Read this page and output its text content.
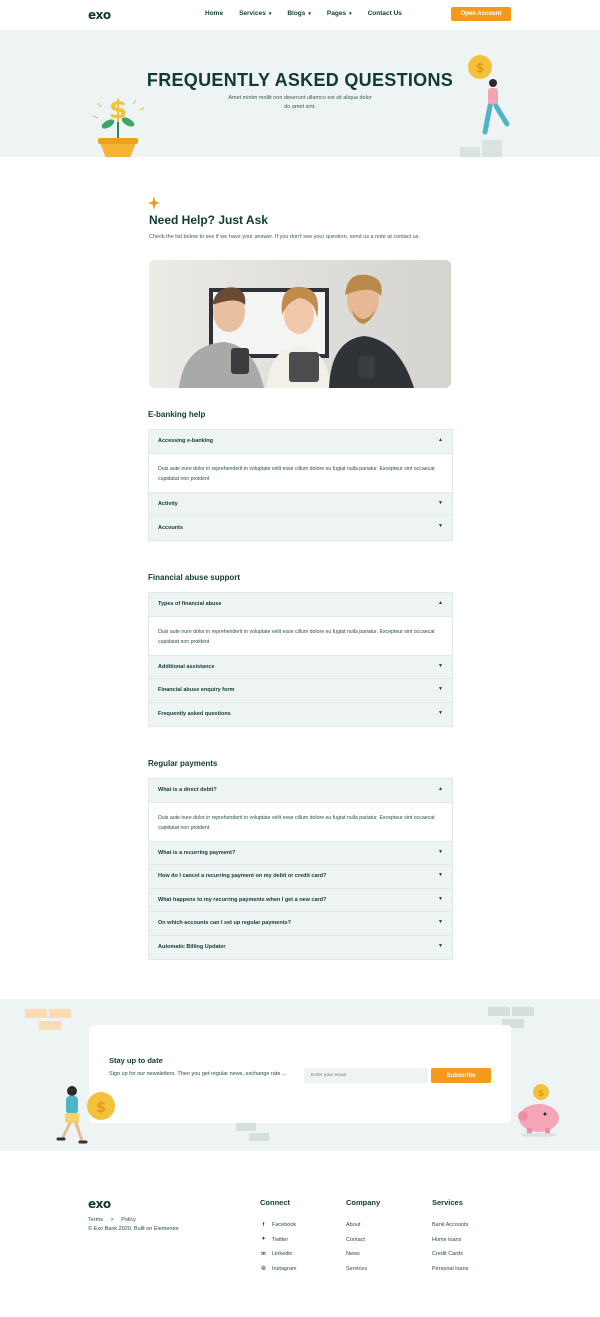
exo	Home Services ▾ Blogs ▾ Pages ▾ Contact Us	Open Account
$
FREQUENTLY ASKED QUESTIONS
Amet minim mollit non deserunt ullamco est sit aliqua dolor do amet sint.
$
Need Help? Just Ask
Check the list below to see if we have your answer. If you don't see your question, send us a note at contact us.
E-banking help
Accessing e-banking	▲
Duis aute irure dolor in reprehenderit in voluptate velit esse cillum dolore eu fugiat nulla pariatur. Excepteur sint occaecat cupidatat non proident
Activity	▼
Accounts	▼
Financial abuse support
Types of financial abuse	▲
Duis aute irure dolor in reprehenderit in voluptate velit esse cillum dolore eu fugiat nulla pariatur. Excepteur sint occaecat cupidatat non proident
Additional assistance	▼
Financial abuse enquiry form	▼
Frequently asked questions	▼
Regular payments
What is a direct debit?	▲
Duis aute irure dolor in reprehenderit in voluptate velit esse cillum dolore eu fugiat nulla pariatur. Excepteur sint occaecat cupidatat non proident
What is a recurring payment?	▼
How do I cancel a recurring payment on my debit or credit card?	▼
What happens to my recurring payments when I get a new card?	▼
On which accounts can I set up regular payments?	▼
Automatic Billing Updater	▼
Stay up to date
Sign up for our newsletters. Then you get regular news, exchange rate ...
Enter your email	Subscribe
$
$
exo
Terms > Policy
© Exo Bank 2020. Built on Elementor
Connect
f	Facebook
✦ Twitter
in Linkedin
◎ Instagram
Company
About
Contact
News
Services
Services
Bank Accounts
Home loans
Credit Cards
Personal loans
